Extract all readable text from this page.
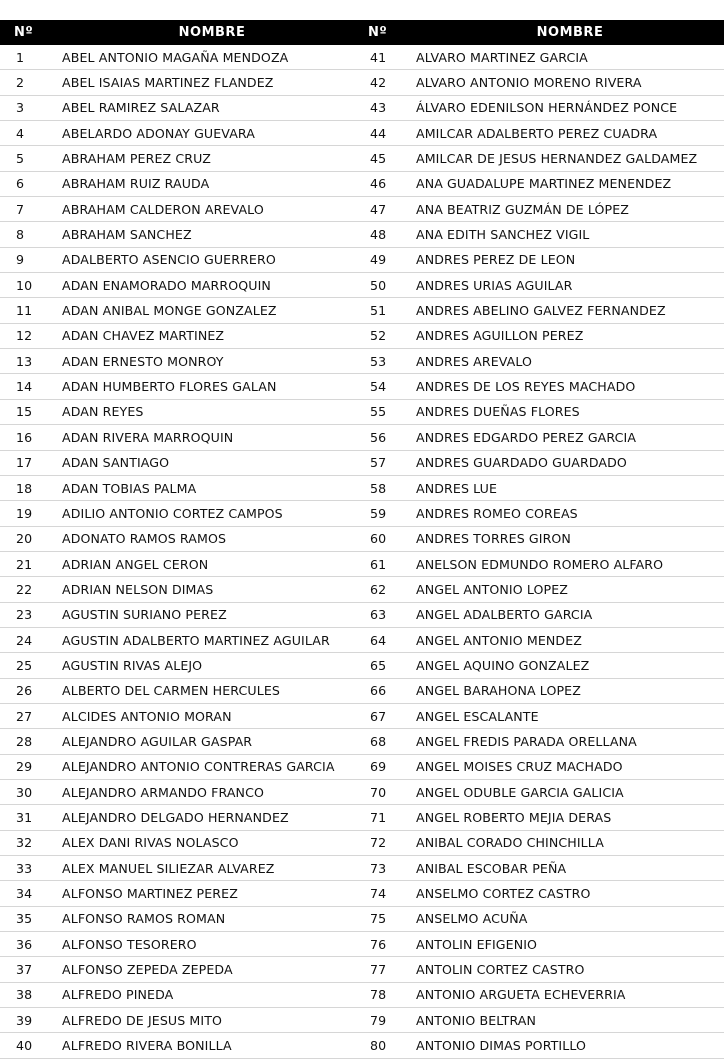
Nº	NOMBRE	Nº	NOMBRE
1	ABEL ANTONIO MAGAÑA MENDOZA	41	ALVARO MARTINEZ GARCIA
2	ABEL ISAIAS MARTINEZ FLANDEZ	42	ALVARO ANTONIO MORENO RIVERA
3	ABEL RAMIREZ SALAZAR	43	ÁLVARO EDENILSON HERNÁNDEZ PONCE
4	ABELARDO ADONAY GUEVARA	44	AMILCAR ADALBERTO PEREZ CUADRA
5	ABRAHAM PEREZ CRUZ	45	AMILCAR DE JESUS HERNANDEZ GALDAMEZ
6	ABRAHAM RUIZ RAUDA	46	ANA GUADALUPE MARTINEZ MENENDEZ
7	ABRAHAM CALDERON AREVALO	47	ANA BEATRIZ GUZMÁN DE LÓPEZ
8	ABRAHAM SANCHEZ	48	ANA EDITH SANCHEZ VIGIL
9	ADALBERTO ASENCIO GUERRERO	49	ANDRES PEREZ DE LEON
10	ADAN ENAMORADO MARROQUIN	50	ANDRES URIAS AGUILAR
11	ADAN ANIBAL MONGE GONZALEZ	51	ANDRES ABELINO GALVEZ FERNANDEZ
12	ADAN CHAVEZ MARTINEZ	52	ANDRES AGUILLON PEREZ
13	ADAN ERNESTO MONROY	53	ANDRES AREVALO
14	ADAN HUMBERTO FLORES GALAN	54	ANDRES DE LOS REYES MACHADO
15	ADAN REYES	55	ANDRES DUEÑAS FLORES
16	ADAN RIVERA MARROQUIN	56	ANDRES EDGARDO PEREZ GARCIA
17	ADAN SANTIAGO	57	ANDRES GUARDADO GUARDADO
18	ADAN TOBIAS PALMA	58	ANDRES LUE
19	ADILIO ANTONIO CORTEZ CAMPOS	59	ANDRES ROMEO COREAS
20	ADONATO RAMOS RAMOS	60	ANDRES TORRES GIRON
21	ADRIAN ANGEL CERON	61	ANELSON EDMUNDO ROMERO ALFARO
22	ADRIAN NELSON DIMAS	62	ANGEL ANTONIO LOPEZ
23	AGUSTIN SURIANO PEREZ	63	ANGEL ADALBERTO GARCIA
24	AGUSTIN ADALBERTO MARTINEZ AGUILAR	64	ANGEL ANTONIO MENDEZ
25	AGUSTIN RIVAS ALEJO	65	ANGEL AQUINO GONZALEZ
26	ALBERTO DEL CARMEN HERCULES	66	ANGEL BARAHONA LOPEZ
27	ALCIDES ANTONIO MORAN	67	ANGEL ESCALANTE
28	ALEJANDRO AGUILAR GASPAR	68	ANGEL FREDIS PARADA ORELLANA
29	ALEJANDRO ANTONIO CONTRERAS GARCIA	69	ANGEL MOISES CRUZ MACHADO
30	ALEJANDRO ARMANDO FRANCO	70	ANGEL ODUBLE GARCIA GALICIA
31	ALEJANDRO DELGADO HERNANDEZ	71	ANGEL ROBERTO MEJIA DERAS
32	ALEX DANI RIVAS NOLASCO	72	ANIBAL CORADO CHINCHILLA
33	ALEX MANUEL SILIEZAR ALVAREZ	73	ANIBAL ESCOBAR PEÑA
34	ALFONSO MARTINEZ PEREZ	74	ANSELMO CORTEZ CASTRO
35	ALFONSO RAMOS ROMAN	75	ANSELMO ACUÑA
36	ALFONSO TESORERO	76	ANTOLIN EFIGENIO
37	ALFONSO ZEPEDA ZEPEDA	77	ANTOLIN CORTEZ CASTRO
38	ALFREDO PINEDA	78	ANTONIO ARGUETA ECHEVERRIA
39	ALFREDO DE JESUS MITO	79	ANTONIO BELTRAN
40	ALFREDO RIVERA BONILLA	80	ANTONIO DIMAS PORTILLO
